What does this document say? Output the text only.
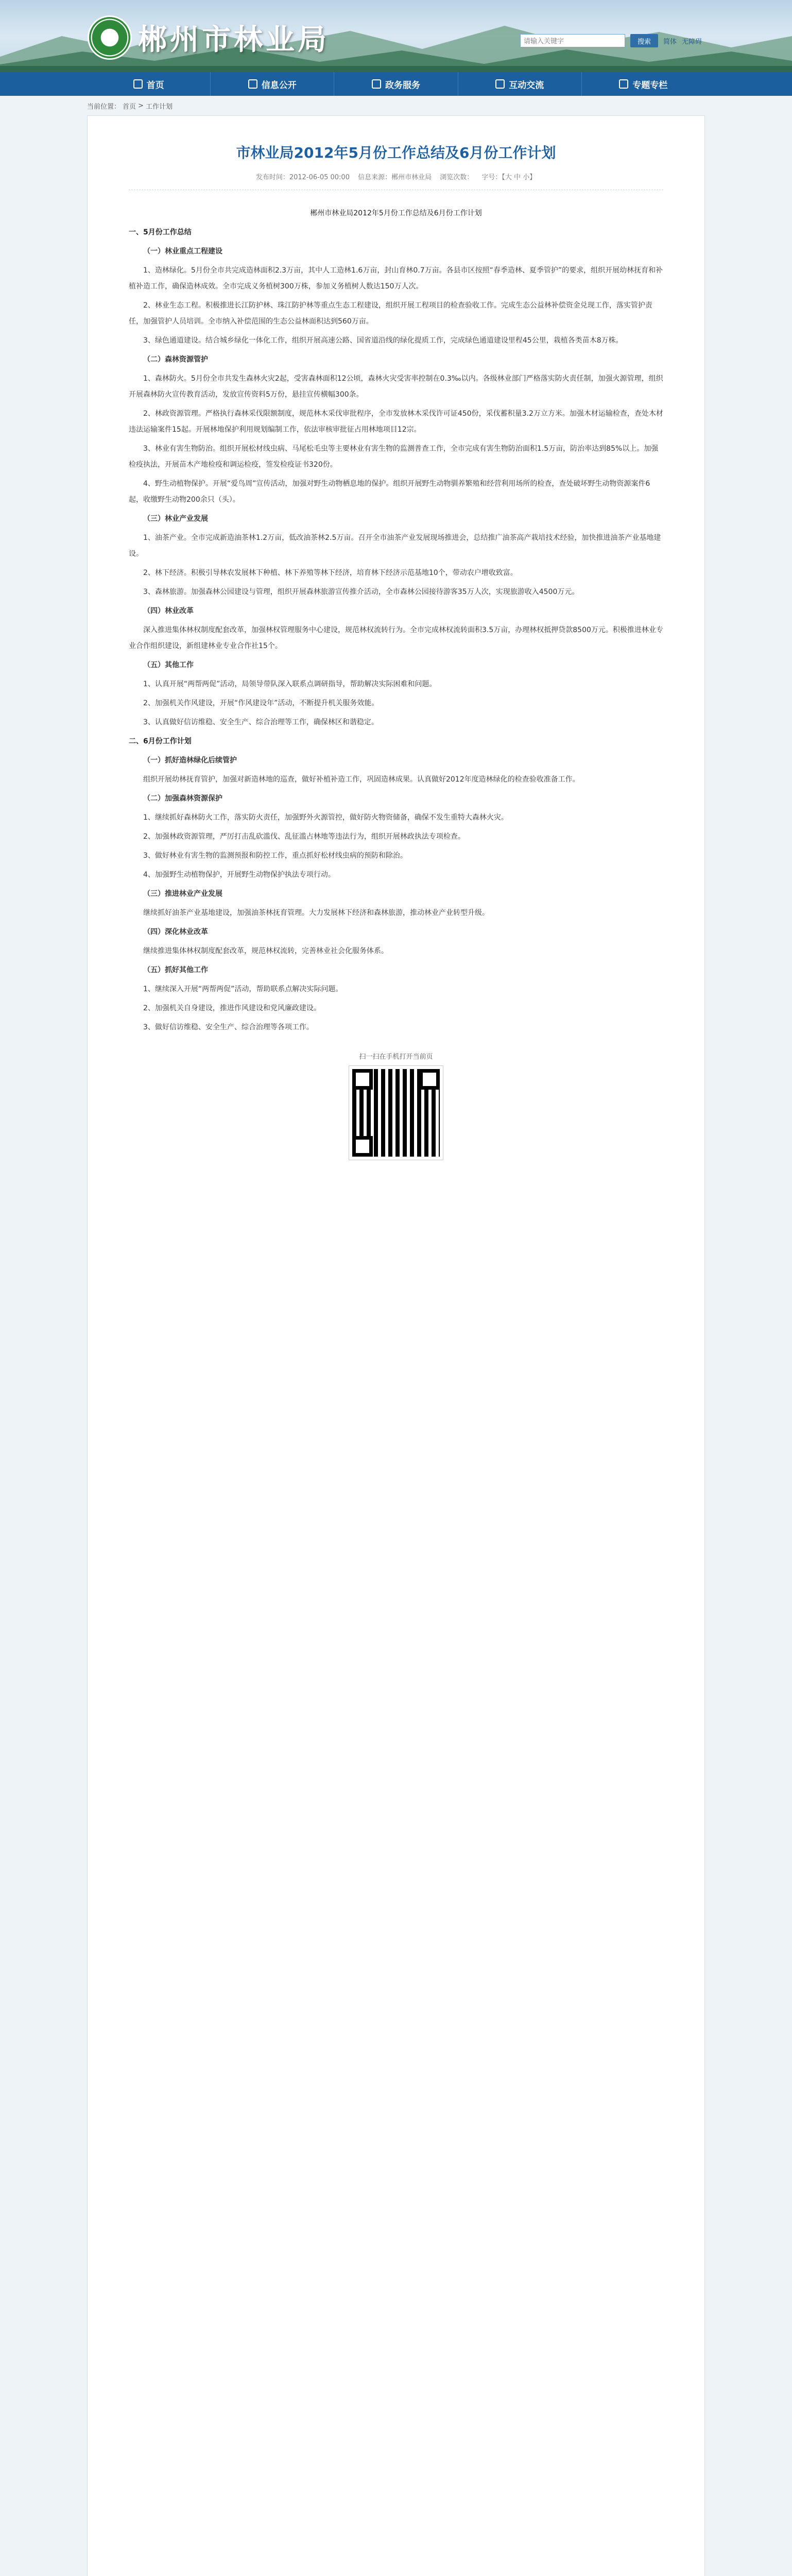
郴州市林业局
请输入关键字	搜索	简体 无障碍
首页	信息公开	政务服务	互动交流	专题专栏
当前位置： 首页 > 工作计划
市林业局2012年5月份工作总结及6月份工作计划
发布时间：2012-06-05 00:00 信息来源：郴州市林业局 浏览次数： 字号：【大 中 小】

郴州市林业局2012年5月份工作总结及6月份工作计划

一、5月份工作总结

（一）林业重点工程建设

1、造林绿化。5月份全市共完成造林面积2.3万亩，其中人工造林1.6万亩，封山育林0.7万亩。各县市区按照“春季造林、夏季管护”的要求，组织开展幼林抚育和补植补造工作，确保造林成效。全市完成义务植树300万株，参加义务植树人数达150万人次。

2、林业生态工程。积极推进长江防护林、珠江防护林等重点生态工程建设，组织开展工程项目的检查验收工作。完成生态公益林补偿资金兑现工作，落实管护责任，加强管护人员培训。全市纳入补偿范围的生态公益林面积达到560万亩。

3、绿色通道建设。结合城乡绿化一体化工作，组织开展高速公路、国省道沿线的绿化提质工作，完成绿色通道建设里程45公里，栽植各类苗木8万株。

（二）森林资源管护

1、森林防火。5月份全市共发生森林火灾2起，受害森林面积12公顷，森林火灾受害率控制在0.3‰以内。各级林业部门严格落实防火责任制，加强火源管理，组织开展森林防火宣传教育活动，发放宣传资料5万份，悬挂宣传横幅300条。

2、林政资源管理。严格执行森林采伐限额制度，规范林木采伐审批程序，全市发放林木采伐许可证450份，采伐蓄积量3.2万立方米。加强木材运输检查，查处木材违法运输案件15起。开展林地保护利用规划编制工作，依法审核审批征占用林地项目12宗。

3、林业有害生物防治。组织开展松材线虫病、马尾松毛虫等主要林业有害生物的监测普查工作，全市完成有害生物防治面积1.5万亩，防治率达到85%以上。加强检疫执法，开展苗木产地检疫和调运检疫，签发检疫证书320份。

4、野生动植物保护。开展“爱鸟周”宣传活动，加强对野生动物栖息地的保护。组织开展野生动物驯养繁殖和经营利用场所的检查，查处破坏野生动物资源案件6起，收缴野生动物200余只（头）。

（三）林业产业发展

1、油茶产业。全市完成新造油茶林1.2万亩，低改油茶林2.5万亩。召开全市油茶产业发展现场推进会，总结推广油茶高产栽培技术经验，加快推进油茶产业基地建设。

2、林下经济。积极引导林农发展林下种植、林下养殖等林下经济，培育林下经济示范基地10个，带动农户增收致富。

3、森林旅游。加强森林公园建设与管理，组织开展森林旅游宣传推介活动，全市森林公园接待游客35万人次，实现旅游收入4500万元。

（四）林业改革

深入推进集体林权制度配套改革，加强林权管理服务中心建设，规范林权流转行为。全市完成林权流转面积3.5万亩，办理林权抵押贷款8500万元。积极推进林业专业合作组织建设，新组建林业专业合作社15个。

（五）其他工作

1、认真开展“两帮两促”活动，局领导带队深入联系点调研指导，帮助解决实际困难和问题。

2、加强机关作风建设，开展“作风建设年”活动，不断提升机关服务效能。

3、认真做好信访维稳、安全生产、综合治理等工作，确保林区和谐稳定。

二、6月份工作计划

（一）抓好造林绿化后续管护

组织开展幼林抚育管护，加强对新造林地的巡查，做好补植补造工作，巩固造林成果。认真做好2012年度造林绿化的检查验收准备工作。

（二）加强森林资源保护

1、继续抓好森林防火工作，落实防火责任，加强野外火源管控，做好防火物资储备，确保不发生重特大森林火灾。

2、加强林政资源管理，严厉打击乱砍滥伐、乱征滥占林地等违法行为，组织开展林政执法专项检查。

3、做好林业有害生物的监测预报和防控工作，重点抓好松材线虫病的预防和除治。

4、加强野生动植物保护，开展野生动物保护执法专项行动。

（三）推进林业产业发展

继续抓好油茶产业基地建设，加强油茶林抚育管理。大力发展林下经济和森林旅游，推动林业产业转型升级。

（四）深化林业改革

继续推进集体林权制度配套改革，规范林权流转，完善林业社会化服务体系。

（五）抓好其他工作

1、继续深入开展“两帮两促”活动，帮助联系点解决实际问题。

2、加强机关自身建设，推进作风建设和党风廉政建设。

3、做好信访维稳、安全生产、综合治理等各项工作。

扫一扫在手机打开当前页
